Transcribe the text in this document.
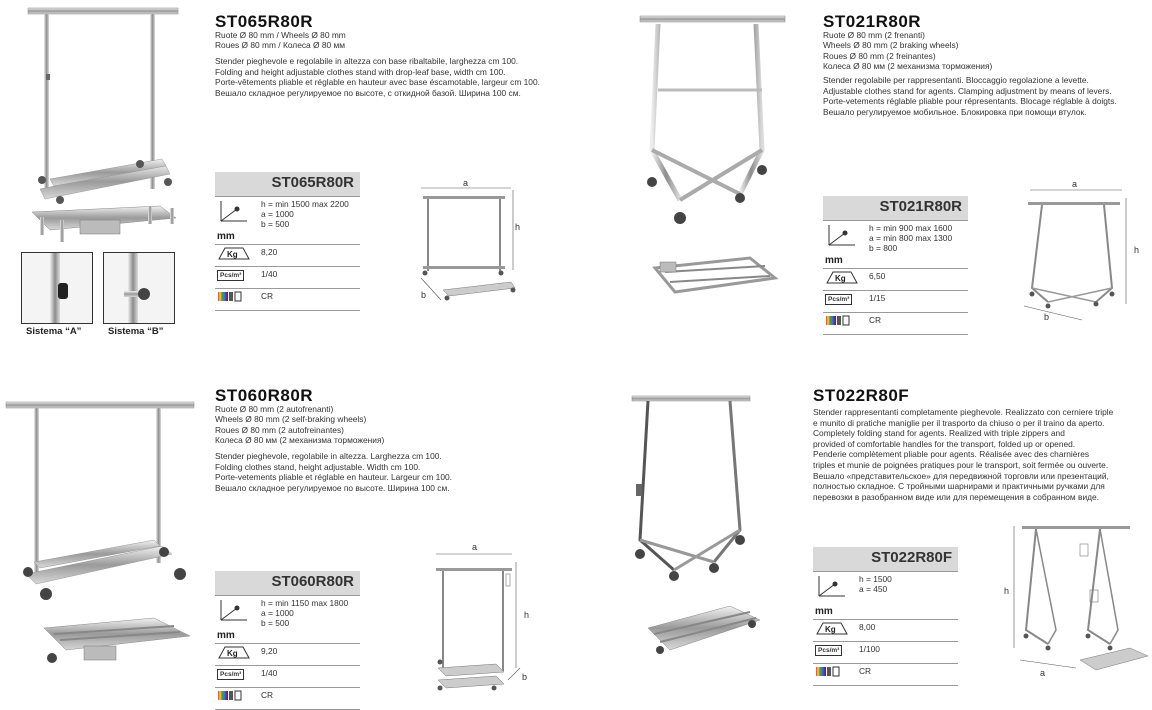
Sistema “A”	Sistema “B”
ST065R80R
Ruote Ø 80 mm / Wheels Ø 80 mm
Roues Ø 80 mm / Колеса Ø 80 мм
Stender pieghevole e regolabile in altezza con base ribaltabile, larghezza cm 100.
Folding and height adjustable clothes stand with drop-leaf base, width cm 100.
Porte-vêtements pliable et réglable en hauteur avec base éscamotable, largeur cm 100.
Вешало складное регулируемое по высоте, с откидной базой. Ширина 100 см.
ST065R80R	

mm	h = min 1500 max 2200
a = 1000
b = 500

Kg	8,20
Pcs/m³	1/40
	CR
a
h
b
ST021R80R
Ruote Ø 80 mm (2 frenanti)
Wheels Ø 80 mm (2 braking wheels)
Roues Ø 80 mm (2 freinantes)
Колеса Ø 80 мм (2 механизма торможения)
Stender regolabile per rappresentanti. Bloccaggio regolazione a levette.
Adjustable clothes stand for agents. Clamping adjustment by means of levers.
Porte-vetements réglable pliable pour répresentants. Blocage réglable à doigts.
Вешало регулируемое мобильное. Блокировка при помощи втулок.
ST021R80R	

mm	h = min 900 max 1600
a = min 800 max 1300
b = 800

Kg	6,50
Pcs/m³	1/15
	CR
a
h
b
ST060R80R
Ruote Ø 80 mm (2 autofrenanti)
Wheels Ø 80 mm (2 self-braking wheels)
Roues Ø 80 mm (2 autofreinantes)
Колеса Ø 80 мм (2 механизма торможения)
Stender pieghevole, regolabile in altezza. Larghezza cm 100.
Folding clothes stand, height adjustable. Width cm 100.
Porte-vetements pliable et réglable en hauteur. Largeur cm 100.
Вешало складное регулируемое по высоте. Ширина 100 см.
ST060R80R	

mm	h = min 1150 max 1800
a = 1000
b = 500

Kg	9,20
Pcs/m³	1/40
	CR
a
h
b
ST022R80F
Stender rappresentanti completamente pieghevole. Realizzato con cerniere triple
e munito di pratiche maniglie per il trasporto da chiuso o per il traino da aperto.
Completely folding stand for agents. Realized with triple zippers and
provided of comfortable handles for the transport, folded up or opened.
Penderie complètement pliable pour agents. Réalisée avec des charnières
triples et munie de poignées pratiques pour le transport, soit fermée ou ouverte.
Вешало «представительское» для передвижной торговли или презентаций,
полностью складное. С тройными шарнирами и практичными ручками для
перевозки в разобранном виде или для перемещения в собранном виде.
ST022R80F	

mm	h = 1500
a = 450

Kg	8,00
Pcs/m³	1/100
	CR
h
a
